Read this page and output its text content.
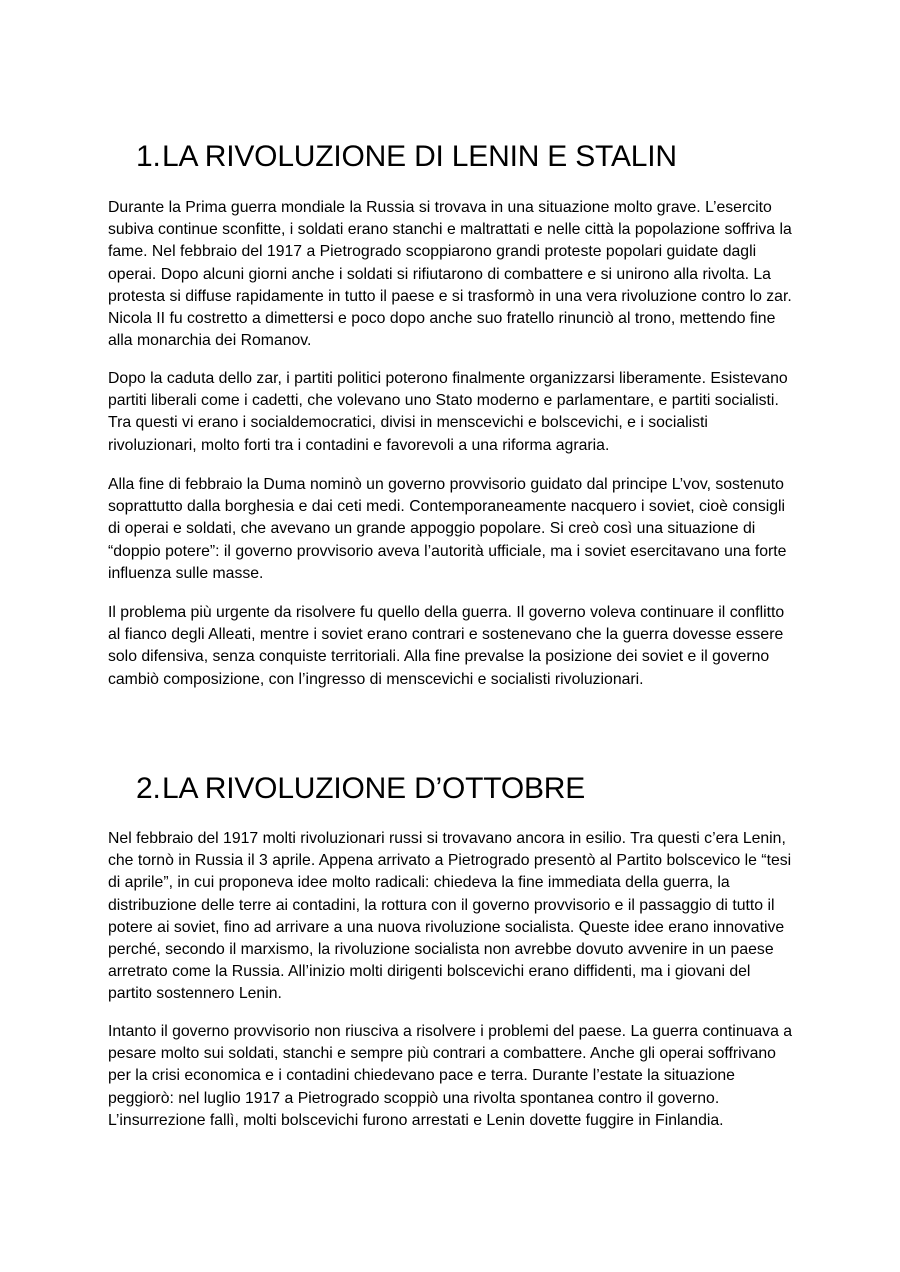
1.LA RIVOLUZIONE DI LENIN E STALIN

Durante la Prima guerra mondiale la Russia si trovava in una situazione molto grave. L’esercito subiva continue sconfitte, i soldati erano stanchi e maltrattati e nelle città la popolazione soffriva la fame. Nel febbraio del 1917 a Pietrogrado scoppiarono grandi proteste popolari guidate dagli operai. Dopo alcuni giorni anche i soldati si rifiutarono di combattere e si unirono alla rivolta. La protesta si diffuse rapidamente in tutto il paese e si trasformò in una vera rivoluzione contro lo zar. Nicola II fu costretto a dimettersi e poco dopo anche suo fratello rinunciò al trono, mettendo fine alla monarchia dei Romanov.

Dopo la caduta dello zar, i partiti politici poterono finalmente organizzarsi liberamente. Esistevano partiti liberali come i cadetti, che volevano uno Stato moderno e parlamentare, e partiti socialisti. Tra questi vi erano i socialdemocratici, divisi in menscevichi e bolscevichi, e i socialisti rivoluzionari, molto forti tra i contadini e favorevoli a una riforma agraria.

Alla fine di febbraio la Duma nominò un governo provvisorio guidato dal principe L’vov, sostenuto soprattutto dalla borghesia e dai ceti medi. Contemporaneamente nacquero i soviet, cioè consigli di operai e soldati, che avevano un grande appoggio popolare. Si creò così una situazione di “doppio potere”: il governo provvisorio aveva l’autorità ufficiale, ma i soviet esercitavano una forte influenza sulle masse.

Il problema più urgente da risolvere fu quello della guerra. Il governo voleva continuare il conflitto al fianco degli Alleati, mentre i soviet erano contrari e sostenevano che la guerra dovesse essere solo difensiva, senza conquiste territoriali. Alla fine prevalse la posizione dei soviet e il governo cambiò composizione, con l’ingresso di menscevichi e socialisti rivoluzionari.

2.LA RIVOLUZIONE D’OTTOBRE

Nel febbraio del 1917 molti rivoluzionari russi si trovavano ancora in esilio. Tra questi c’era Lenin, che tornò in Russia il 3 aprile. Appena arrivato a Pietrogrado presentò al Partito bolscevico le “tesi di aprile”, in cui proponeva idee molto radicali: chiedeva la fine immediata della guerra, la distribuzione delle terre ai contadini, la rottura con il governo provvisorio e il passaggio di tutto il potere ai soviet, fino ad arrivare a una nuova rivoluzione socialista. Queste idee erano innovative perché, secondo il marxismo, la rivoluzione socialista non avrebbe dovuto avvenire in un paese arretrato come la Russia. All’inizio molti dirigenti bolscevichi erano diffidenti, ma i giovani del partito sostennero Lenin.

Intanto il governo provvisorio non riusciva a risolvere i problemi del paese. La guerra continuava a pesare molto sui soldati, stanchi e sempre più contrari a combattere. Anche gli operai soffrivano per la crisi economica e i contadini chiedevano pace e terra. Durante l’estate la situazione peggiorò: nel luglio 1917 a Pietrogrado scoppiò una rivolta spontanea contro il governo. L’insurrezione fallì, molti bolscevichi furono arrestati e Lenin dovette fuggire in Finlandia.
